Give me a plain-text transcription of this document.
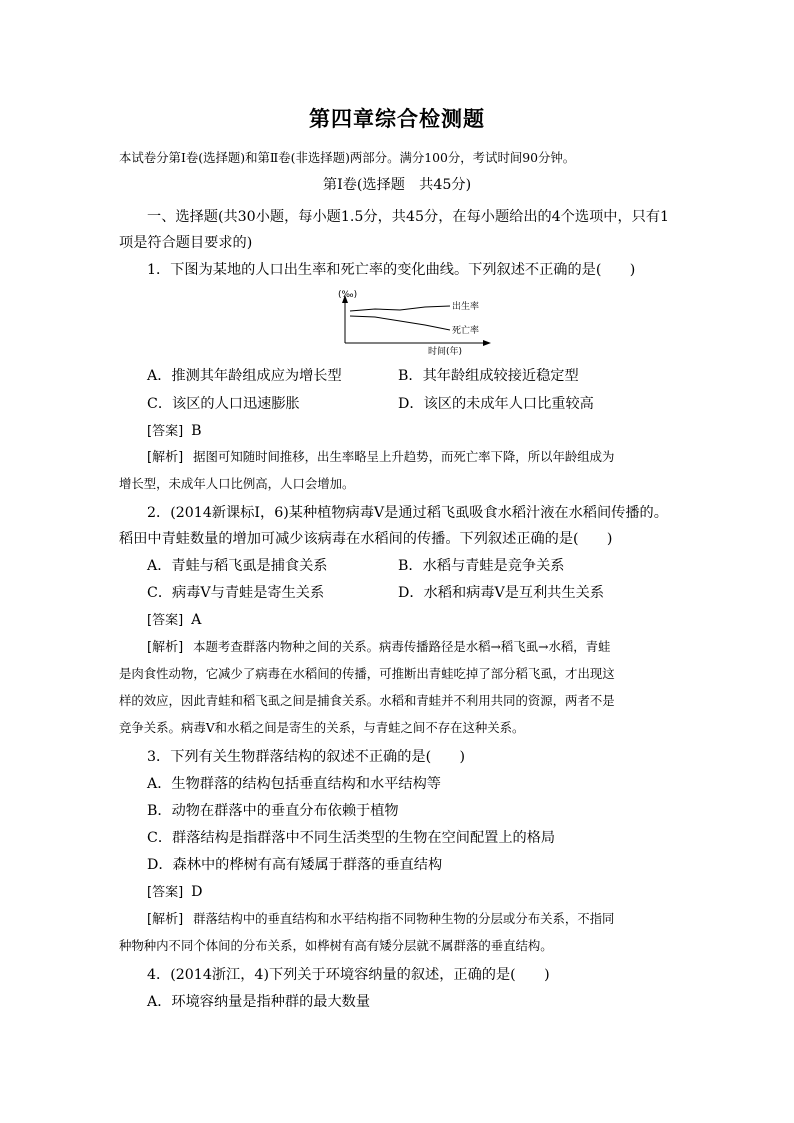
第四章综合检测题
本试卷分第Ⅰ卷(选择题)和第Ⅱ卷(非选择题)两部分。满分100分，考试时间90分钟。
第Ⅰ卷(选择题　共45分)
一、选择题(共30小题，每小题1.5分，共45分，在每小题给出的4个选项中，只有1
项是符合题目要求的)
1．下图为某地的人口出生率和死亡率的变化曲线。下列叙述不正确的是(　　)
(‰)
出生率
死亡率
时间(年)
A．推测其年龄组成应为增长型	B．其年龄组成较接近稳定型
C．该区的人口迅速膨胀	D．该区的未成年人口比重较高
[答案] B
[解析] 据图可知随时间推移，出生率略呈上升趋势，而死亡率下降，所以年龄组成为
增长型，未成年人口比例高，人口会增加。
2．(2014新课标Ⅰ，6)某种植物病毒Ⅴ是通过稻飞虱吸食水稻汁液在水稻间传播的。
稻田中青蛙数量的增加可减少该病毒在水稻间的传播。下列叙述正确的是(　　)
A．青蛙与稻飞虱是捕食关系	B．水稻与青蛙是竞争关系
C．病毒Ⅴ与青蛙是寄生关系	D．水稻和病毒Ⅴ是互利共生关系
[答案] A
[解析] 本题考查群落内物种之间的关系。病毒传播路径是水稻→稻飞虱→水稻，青蛙
是肉食性动物，它减少了病毒在水稻间的传播，可推断出青蛙吃掉了部分稻飞虱，才出现这
样的效应，因此青蛙和稻飞虱之间是捕食关系。水稻和青蛙并不利用共同的资源，两者不是
竞争关系。病毒Ⅴ和水稻之间是寄生的关系，与青蛙之间不存在这种关系。
3．下列有关生物群落结构的叙述不正确的是(　　)
A．生物群落的结构包括垂直结构和水平结构等
B．动物在群落中的垂直分布依赖于植物
C．群落结构是指群落中不同生活类型的生物在空间配置上的格局
D．森林中的桦树有高有矮属于群落的垂直结构
[答案] D
[解析] 群落结构中的垂直结构和水平结构指不同物种生物的分层或分布关系，不指同
种物种内不同个体间的分布关系，如桦树有高有矮分层就不属群落的垂直结构。
4．(2014浙江，4)下列关于环境容纳量的叙述，正确的是(　　)
A．环境容纳量是指种群的最大数量
